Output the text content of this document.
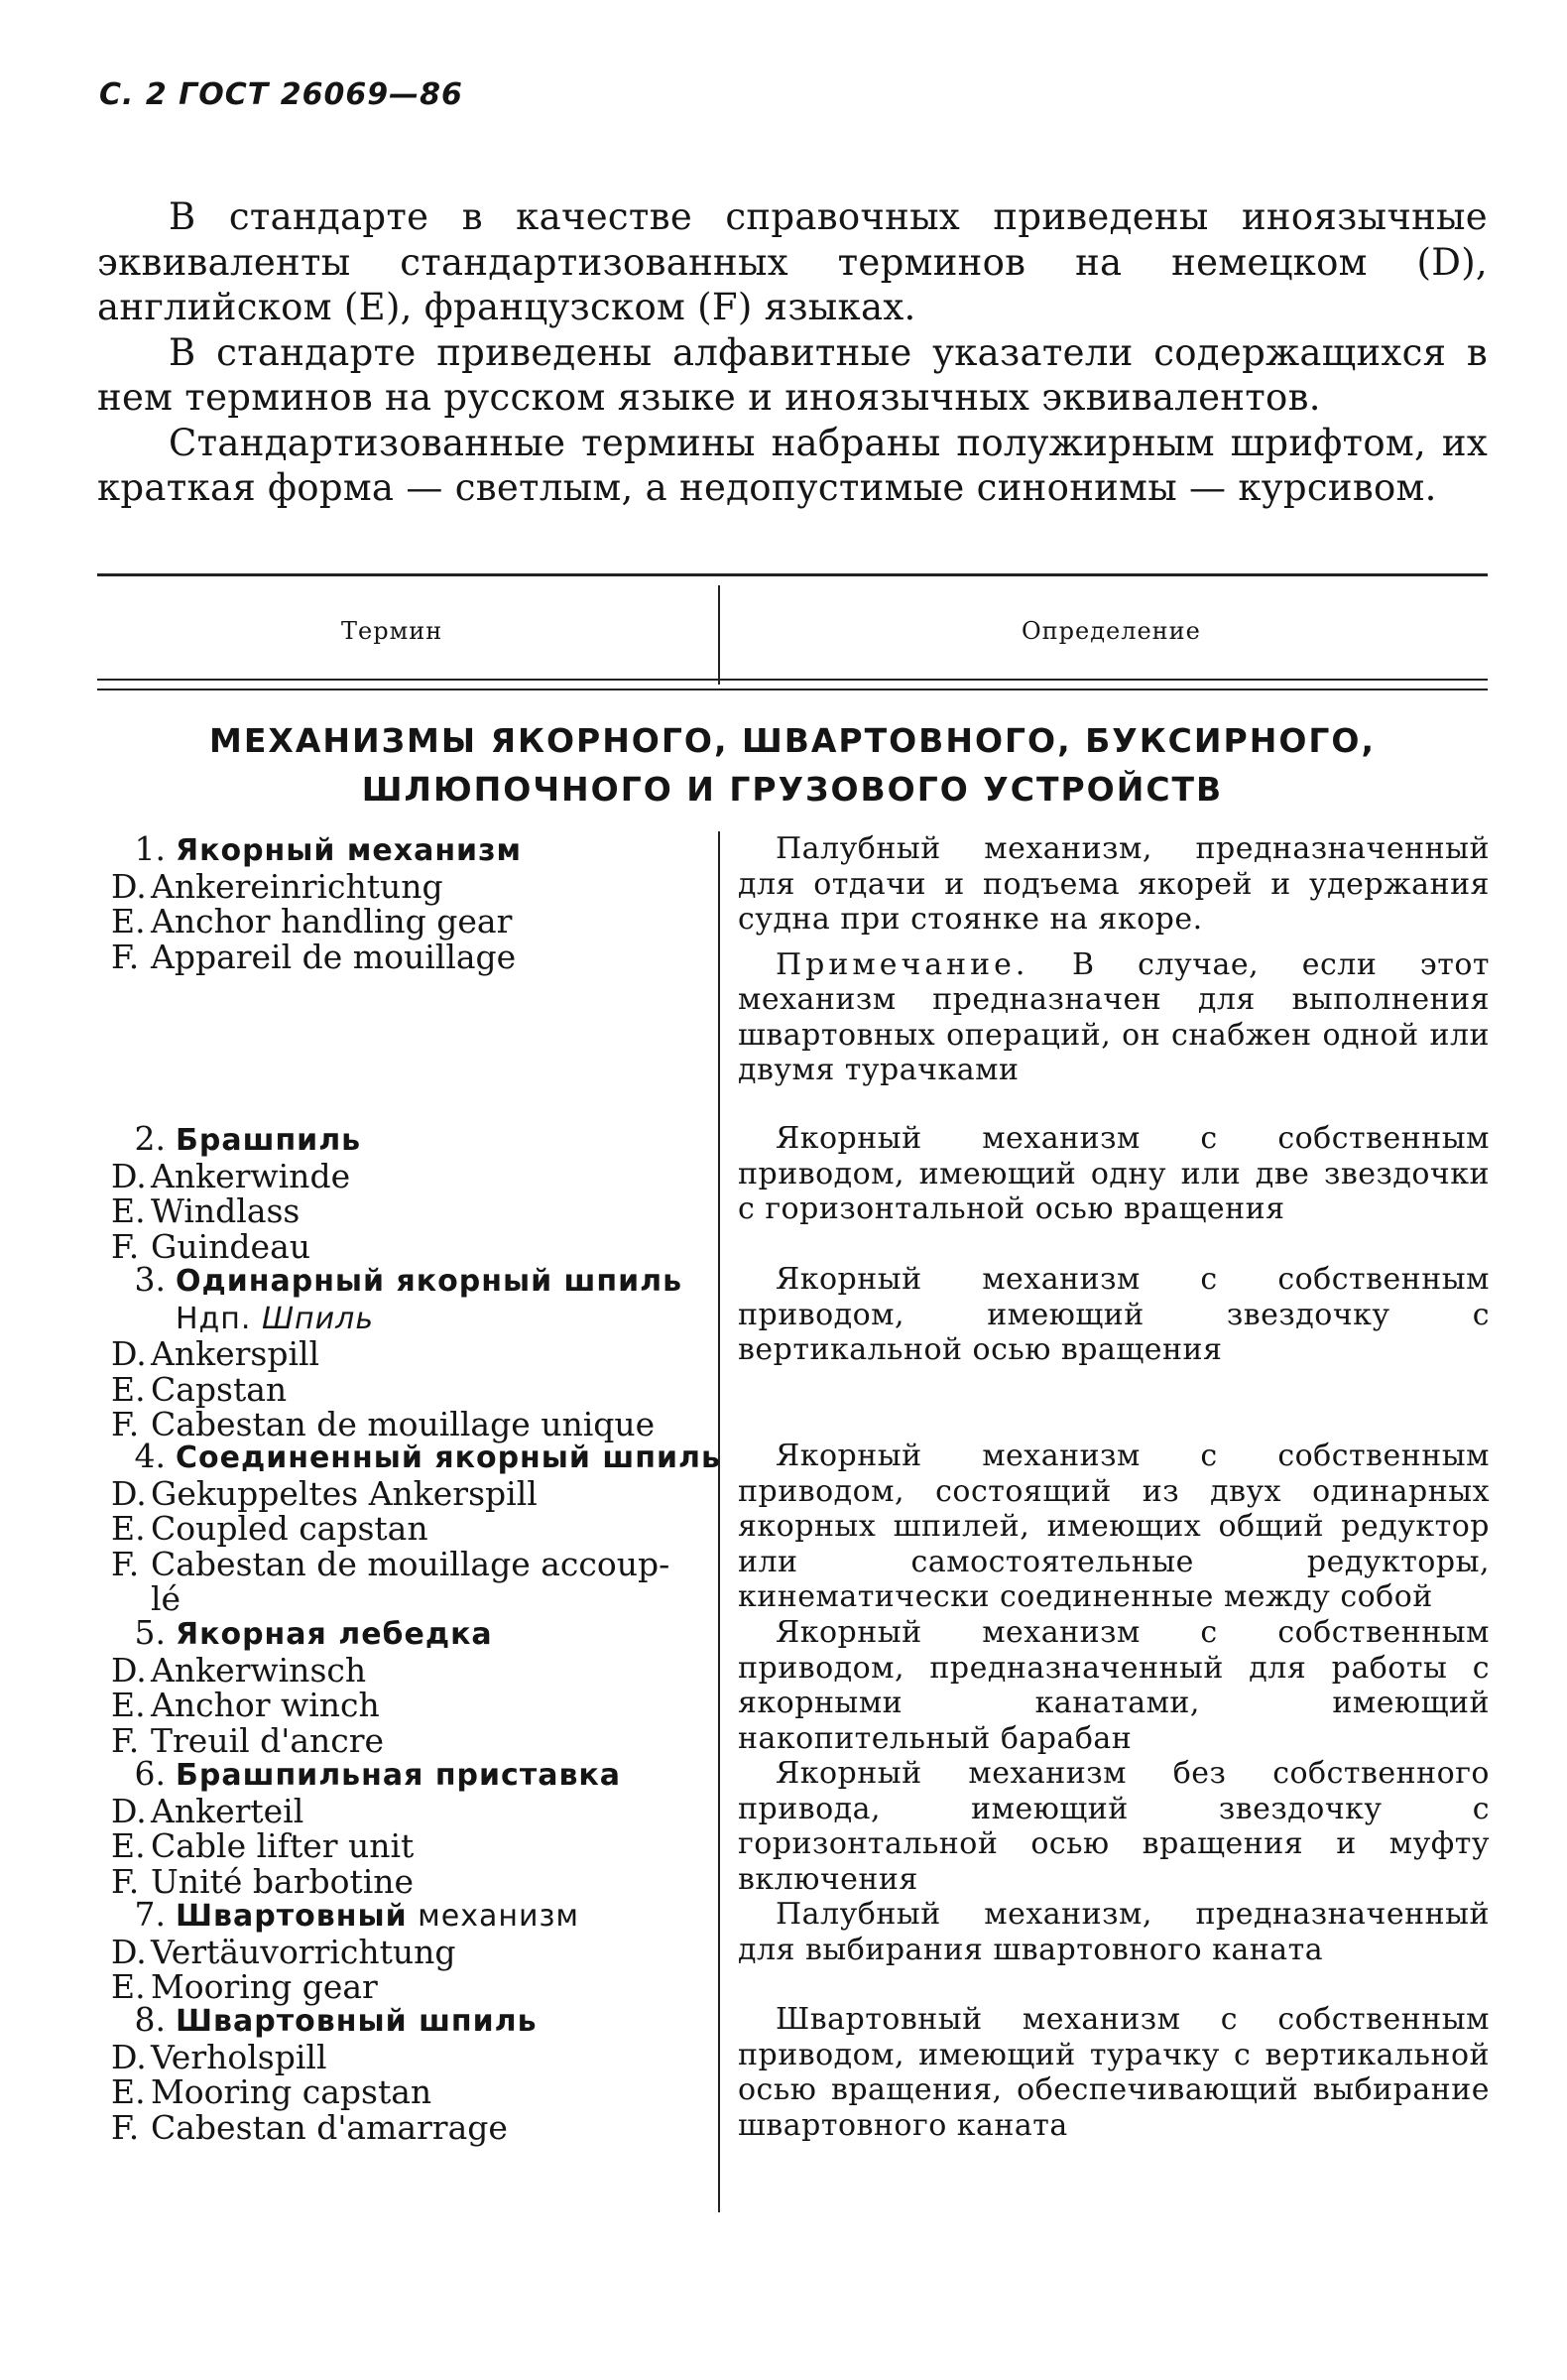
С. 2 ГОСТ 26069—86

В стандарте в качестве справочных приведены иноязычные эквиваленты стандартизованных терминов на немецком (D), английском (E), французском (F) языках.

В стандарте приведены алфавитные указатели содержащихся в нем терминов на русском языке и иноязычных эквивалентов.

Стандартизованные термины набраны полужирным шрифтом, их краткая форма — светлым, а недопустимые синонимы — курсивом.

Термин	Определение
МЕХАНИЗМЫ ЯКОРНОГО, ШВАРТОВНОГО, БУКСИРНОГО,
ШЛЮПОЧНОГО И ГРУЗОВОГО УСТРОЙСТВ
1. Якорный механизм
D. Ankereinrichtung
E. Anchor handling gear
F. Appareil de mouillage

Палубный механизм, предназначенный для отдачи и подъема якорей и удержания судна при стоянке на якоре.

Примечание. В случае, если этот механизм предназначен для выполнения швартовных операций, он снабжен одной или двумя турачками

2. Брашпиль
D. Ankerwinde
E. Windlass
F. Guindeau

Якорный механизм с собственным приводом, имеющий одну или две звездочки с горизонтальной осью вращения

3. Одинарный якорный шпиль
Ндп. Шпиль
D. Ankerspill
E. Capstan
F. Cabestan de mouillage unique

Якорный механизм с собственным приводом, имеющий звездочку с вертикальной осью вращения

4. Соединенный якорный шпиль
D. Gekuppeltes Ankerspill
E. Coupled capstan
F. Cabestan de mouillage accoup-
lé

Якорный механизм с собственным приводом, состоящий из двух одинарных якорных шпилей, имеющих общий редуктор или самостоятельные редукторы, кинематически соединенные между собой

5. Якорная лебедка
D. Ankerwinsch
E. Anchor winch
F. Treuil d'ancre

Якорный механизм с собственным приводом, предназначенный для работы с якорными канатами, имеющий накопительный барабан

6. Брашпильная приставка
D. Ankerteil
E. Cable lifter unit
F. Unité barbotine

Якорный механизм без собственного привода, имеющий звездочку с горизонтальной осью вращения и муфту включения

7. Швартовный механизм
D. Vertäuvorrichtung
E. Mooring gear

Палубный механизм, предназначенный для выбирания швартовного каната

8. Швартовный шпиль
D. Verholspill
E. Mooring capstan
F. Cabestan d'amarrage

Швартовный механизм с собственным приводом, имеющий турачку с вертикальной осью вращения, обеспечивающий выбирание швартовного каната
